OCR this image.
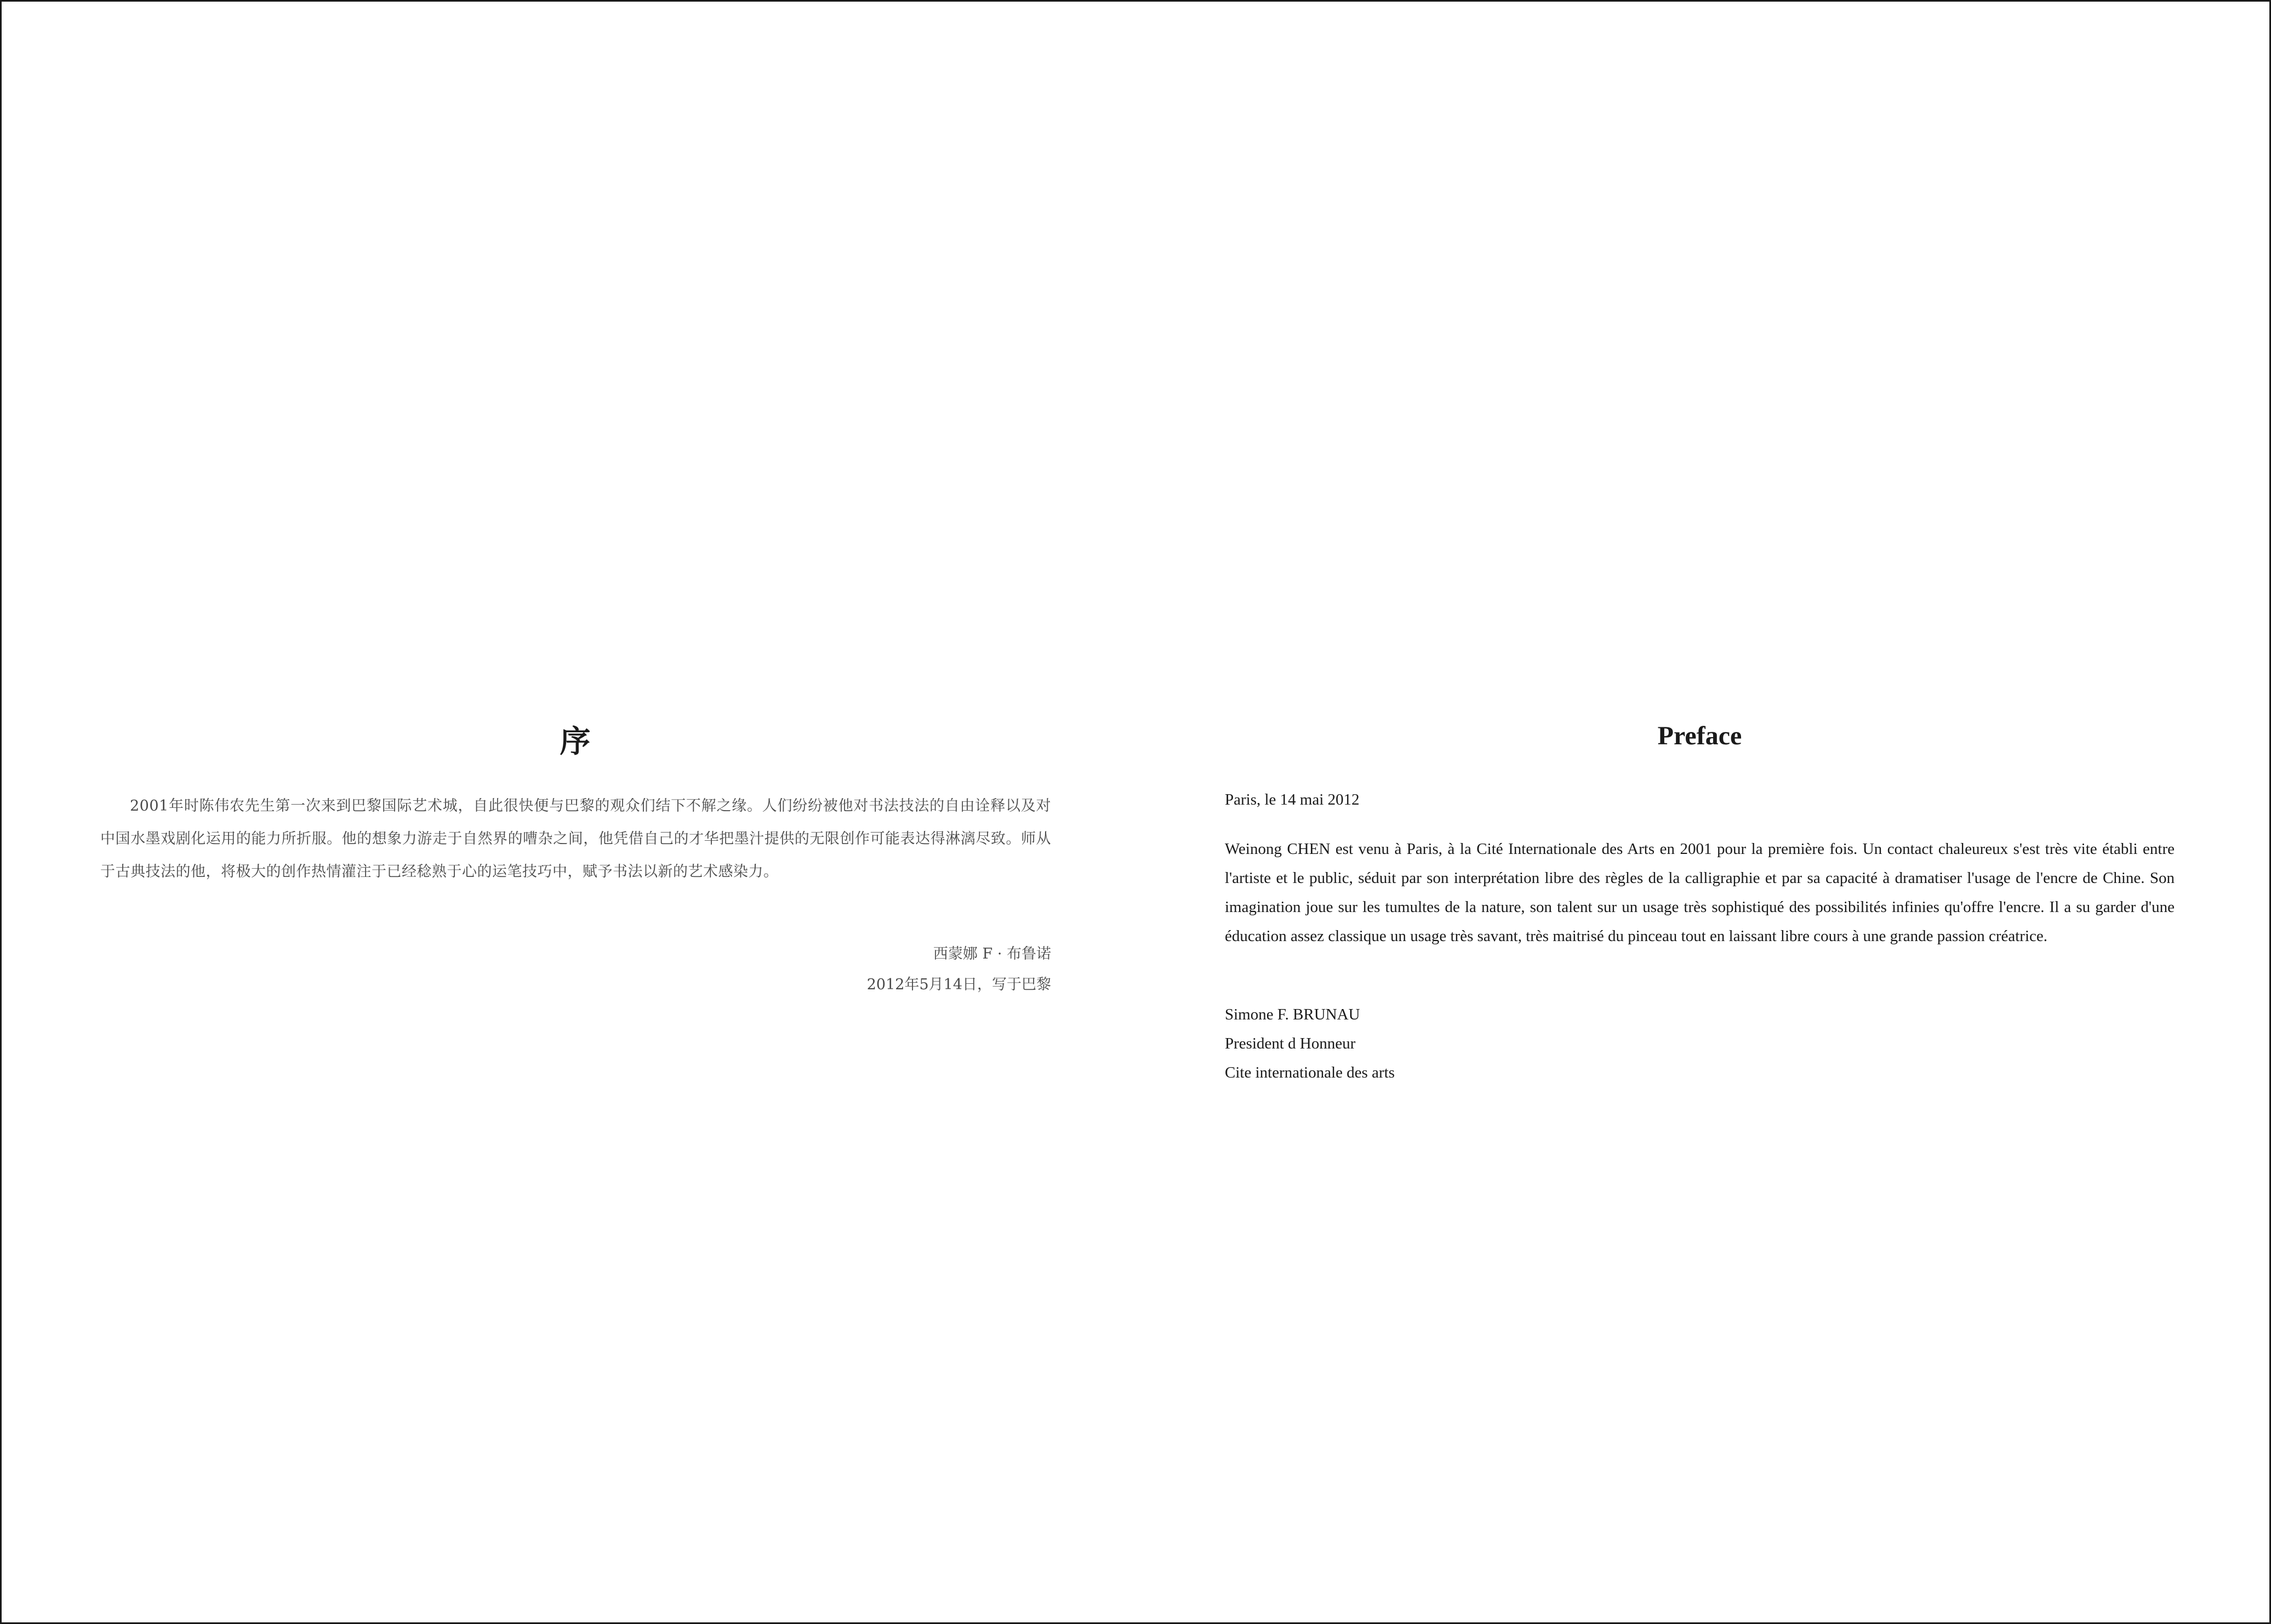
序

2001年时陈伟农先生第一次来到巴黎国际艺术城，自此很快便与巴黎的观众们结下不解之缘。人们纷纷被他对书法技法的自由诠释以及对中国水墨戏剧化运用的能力所折服。他的想象力游走于自然界的嘈杂之间，他凭借自己的才华把墨汁提供的无限创作可能表达得淋漓尽致。师从于古典技法的他，将极大的创作热情灌注于已经稔熟于心的运笔技巧中，赋予书法以新的艺术感染力。

西蒙娜 F · 布鲁诺
2012年5月14日，写于巴黎
Preface
Paris, le 14 mai 2012

Weinong CHEN est venu à Paris, à la Cité Internationale des Arts en 2001 pour la première fois. Un contact chaleureux s'est très vite établi entre l'artiste et le public, séduit par son interprétation libre des règles de la calligraphie et par sa capacité à dramatiser l'usage de l'encre de Chine. Son imagination joue sur les tumultes de la nature, son talent sur un usage très sophistiqué des possibilités infinies qu'offre l'encre. Il a su garder d'une éducation assez classique un usage très savant, très maitrisé du pinceau tout en laissant libre cours à une grande passion créatrice.

Simone F. BRUNAU
President d Honneur
Cite internationale des arts
